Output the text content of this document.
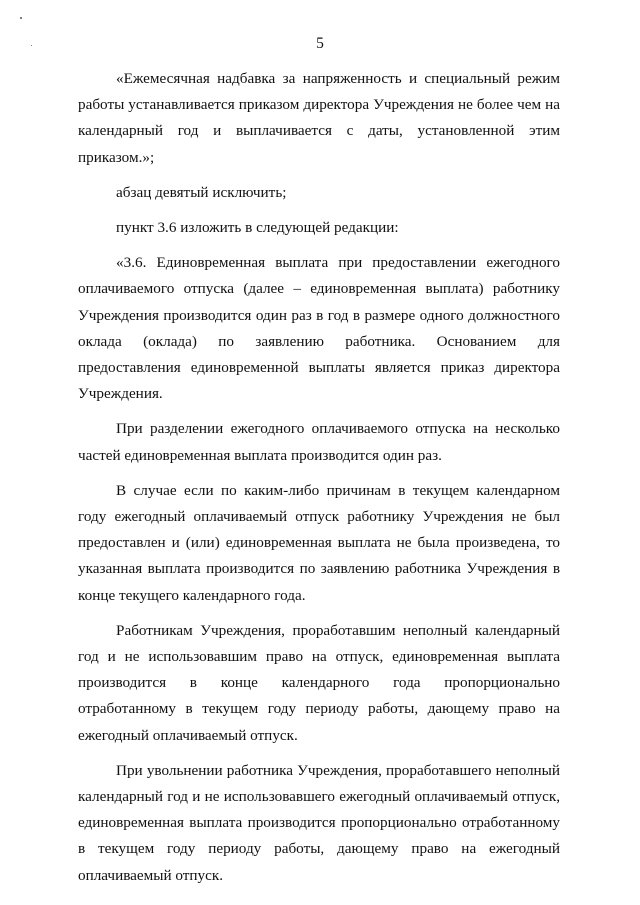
5

«Ежемесячная надбавка за напряженность и специальный режим работы устанавливается приказом директора Учреждения не более чем на календарный год и выплачивается с даты, установленной этим приказом.»;

абзац девятый исключить;

пункт 3.6 изложить в следующей редакции:

«3.6. Единовременная выплата при предоставлении ежегодного оплачиваемого отпуска (далее – единовременная выплата) работнику Учреждения производится один раз в год в размере одного должностного оклада (оклада) по заявлению работника. Основанием для предоставления единовременной выплаты является приказ директора Учреждения.

При разделении ежегодного оплачиваемого отпуска на несколько частей единовременная выплата производится один раз.

В случае если по каким-либо причинам в текущем календарном году ежегодный оплачиваемый отпуск работнику Учреждения не был предоставлен и (или) единовременная выплата не была произведена, то указанная выплата производится по заявлению работника Учреждения в конце текущего календарного года.

Работникам Учреждения, проработавшим неполный календарный год и не использовавшим право на отпуск, единовременная выплата производится в конце календарного года пропорционально отработанному в текущем году периоду работы, дающему право на ежегодный оплачиваемый отпуск.

При увольнении работника Учреждения, проработавшего неполный календарный год и не использовавшего ежегодный оплачиваемый отпуск, единовременная выплата производится пропорционально отработанному в текущем году периоду работы, дающему право на ежегодный оплачиваемый отпуск.
